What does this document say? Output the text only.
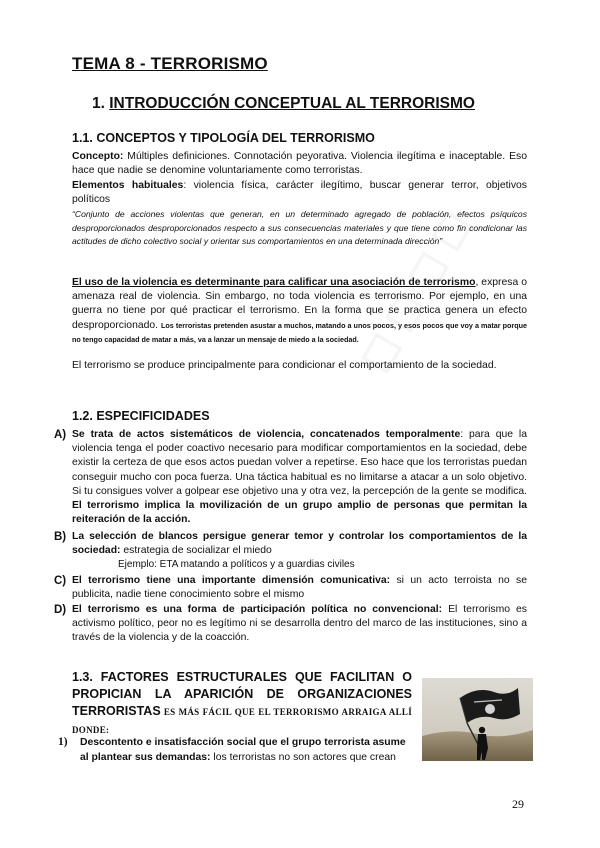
TEMA 8 - TERRORISMO
1. INTRODUCCIÓN CONCEPTUAL AL TERRORISMO
1.1. CONCEPTOS Y TIPOLOGÍA DEL TERRORISMO
Concepto: Múltiples definiciones. Connotación peyorativa. Violencia ilegítima e inaceptable. Eso hace que nadie se denomine voluntariamente como terroristas.
Elementos habituales: violencia física, carácter ilegítimo, buscar generar terror, objetivos políticos
“Conjunto de acciones violentas que generan, en un determinado agregado de población, efectos psíquicos desproporcionados desproporcionados respecto a sus consecuencias materiales y que tiene como fin condicionar las actitudes de dicho colectivo social y orientar sus comportamientos en una determinada dirección”
El uso de la violencia es determinante para calificar una asociación de terrorismo, expresa o amenaza real de violencia. Sin embargo, no toda violencia es terrorismo. Por ejemplo, en una guerra no tiene por qué practicar el terrorismo. En la forma que se practica genera un efecto desproporcionado. Los terroristas pretenden asustar a muchos, matando a unos pocos, y esos pocos que voy a matar porque no tengo capacidad de matar a más, va a lanzar un mensaje de miedo a la sociedad.
El terrorismo se produce principalmente para condicionar el comportamiento de la sociedad.
1.2. ESPECIFICIDADES
A) Se trata de actos sistemáticos de violencia, concatenados temporalmente: para que la violencia tenga el poder coactivo necesario para modificar comportamientos en la sociedad, debe existir la certeza de que esos actos puedan volver a repetirse. Eso hace que los terroristas puedan conseguir mucho con poca fuerza. Una táctica habitual es no limitarse a atacar a un solo objetivo. Si tu consigues volver a golpear ese objetivo una y otra vez, la percepción de la gente se modifica. El terrorismo implica la movilización de un grupo amplio de personas que permitan la reiteración de la acción.
B) La selección de blancos persigue generar temor y controlar los comportamientos de la sociedad: estrategia de socializar el miedo
Ejemplo: ETA matando a políticos y a guardias civiles
C) El terrorismo tiene una importante dimensión comunicativa: si un acto terroista no se publicita, nadie tiene conocimiento sobre el mismo
D) El terrorismo es una forma de participación política no convencional: El terrorismo es activismo político, peor no es legítimo ni se desarrolla dentro del marco de las instituciones, sino a través de la violencia y de la coacción.
1.3. FACTORES ESTRUCTURALES QUE FACILITAN O PROPICIAN LA APARICIÓN DE ORGANIZACIONES TERRORISTAS ES MÁS FÁCIL QUE EL TERRORISMO ARRAIGA ALLÍ DONDE:
1) Descontento e insatisfacción social que el grupo terrorista asume al plantear sus demandas: los terroristas no son actores que crean
29
